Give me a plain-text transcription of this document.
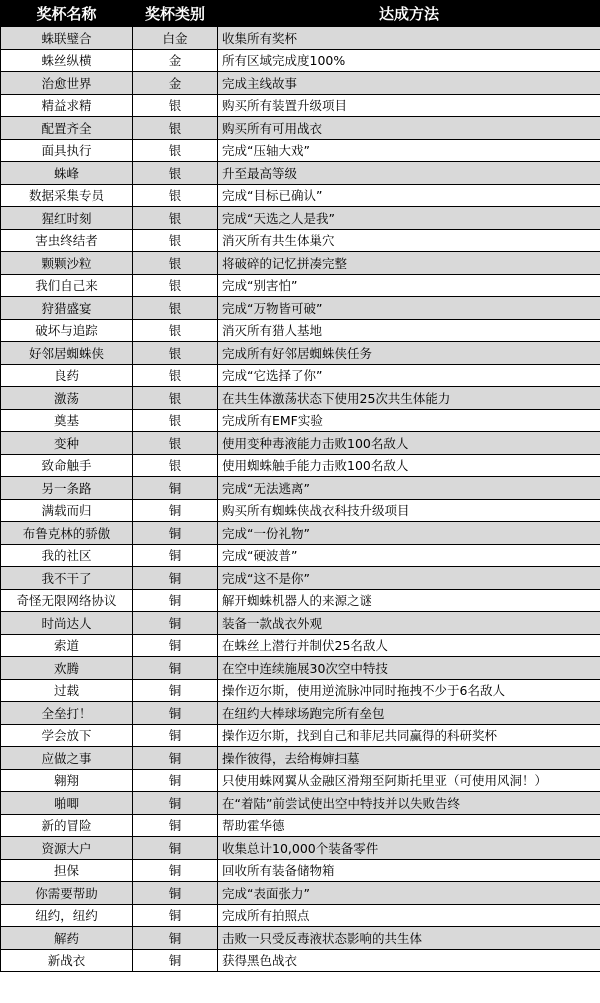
奖杯名称	奖杯类别	达成方法
蛛联璧合	白金	收集所有奖杯
蛛丝纵横	金	所有区域完成度100%
治愈世界	金	完成主线故事
精益求精	银	购买所有装置升级项目
配置齐全	银	购买所有可用战衣
面具执行	银	完成“压轴大戏”
蛛峰	银	升至最高等级
数据采集专员	银	完成“目标已确认”
猩红时刻	银	完成“天选之人是我”
害虫终结者	银	消灭所有共生体巢穴
颗颗沙粒	银	将破碎的记忆拼凑完整
我们自己来	银	完成“别害怕”
狩猎盛宴	银	完成“万物皆可破”
破坏与追踪	银	消灭所有猎人基地
好邻居蜘蛛侠	银	完成所有好邻居蜘蛛侠任务
良药	银	完成“它选择了你”
激荡	银	在共生体激荡状态下使用25次共生体能力
奠基	银	完成所有EMF实验
变种	银	使用变种毒液能力击败100名敌人
致命触手	银	使用蜘蛛触手能力击败100名敌人
另一条路	铜	完成“无法逃离”
满载而归	铜	购买所有蜘蛛侠战衣科技升级项目
布鲁克林的骄傲	铜	完成“一份礼物”
我的社区	铜	完成“硬波普”
我不干了	铜	完成“这不是你”
奇怪无限网络协议	铜	解开蜘蛛机器人的来源之谜
时尚达人	铜	装备一款战衣外观
索道	铜	在蛛丝上潜行并制伏25名敌人
欢腾	铜	在空中连续施展30次空中特技
过载	铜	操作迈尔斯，使用逆流脉冲同时拖拽不少于6名敌人
全垒打！	铜	在纽约大棒球场跑完所有垒包
学会放下	铜	操作迈尔斯，找到自己和菲尼共同赢得的科研奖杯
应做之事	铜	操作彼得，去给梅婶扫墓
翱翔	铜	只使用蛛网翼从金融区滑翔至阿斯托里亚（可使用风洞！）
啪唧	铜	在“着陆”前尝试使出空中特技并以失败告终
新的冒险	铜	帮助霍华德
资源大户	铜	收集总计10,000个装备零件
担保	铜	回收所有装备储物箱
你需要帮助	铜	完成“表面张力”
纽约，纽约	铜	完成所有拍照点
解药	铜	击败一只受反毒液状态影响的共生体
新战衣	铜	获得黑色战衣
